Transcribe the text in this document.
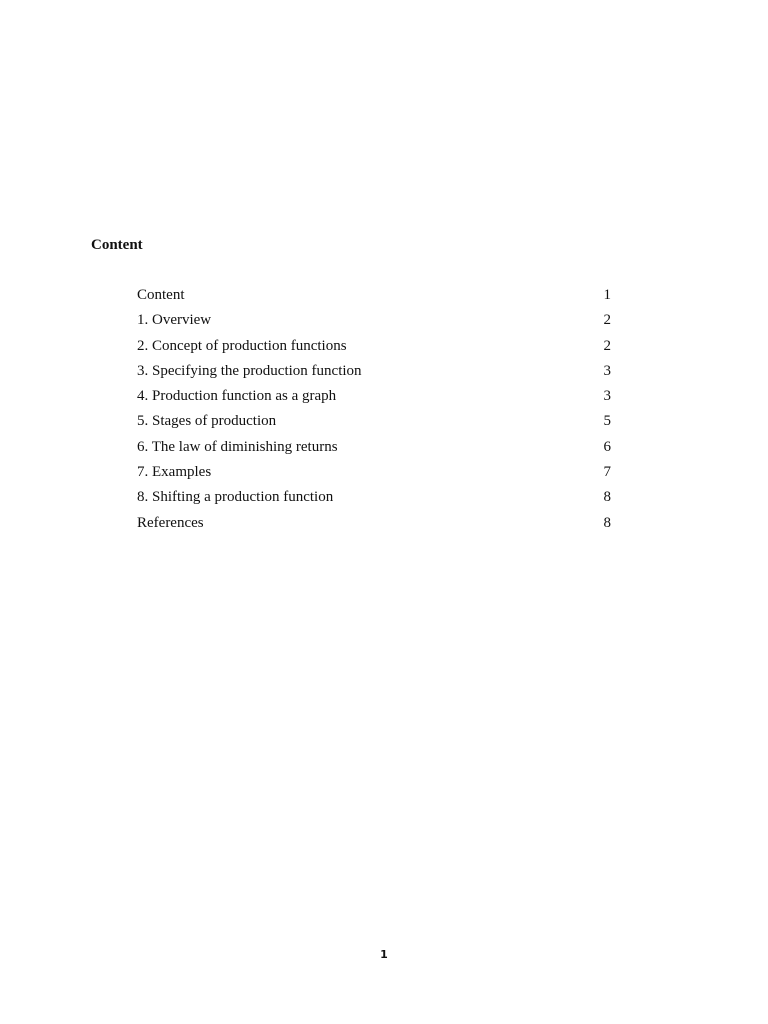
Content
Content	1
1. Overview	2
2. Concept of production functions	2
3. Specifying the production function	3
4. Production function as a graph	3
5. Stages of production	5
6. The law of diminishing returns	6
7. Examples	7
8. Shifting a production function	8
References	8
1
